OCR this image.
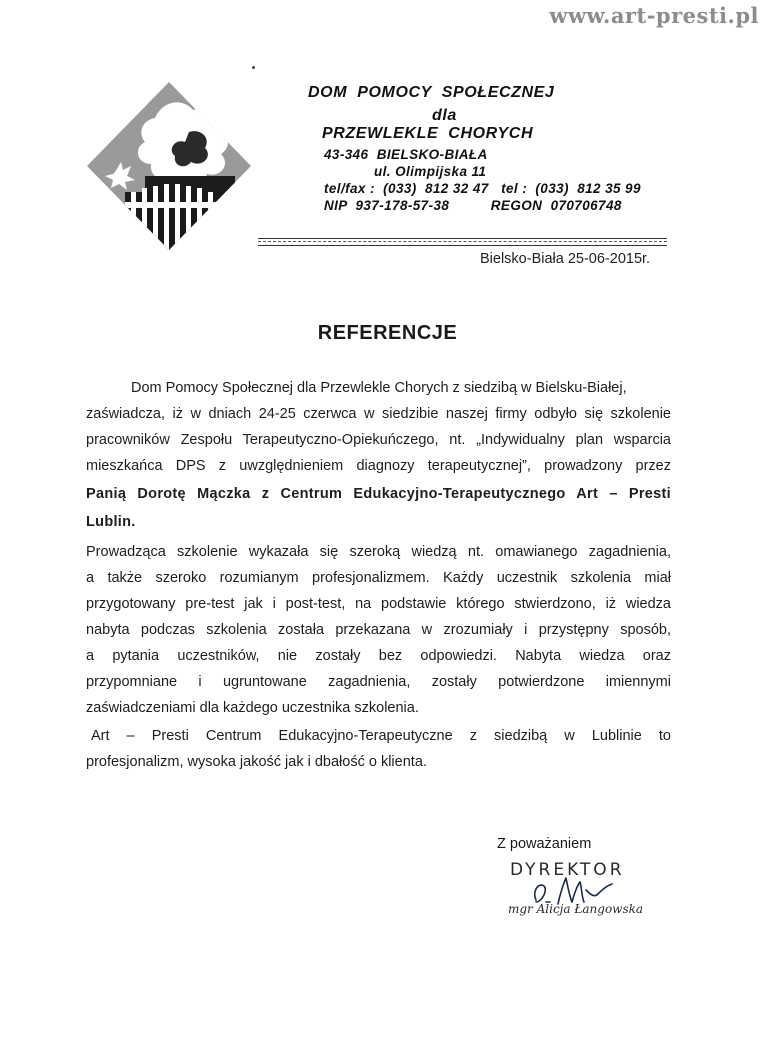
www.art-presti.pl
DOM  POMOCY  SPOŁECZNEJ
dla
PRZEWLEKLE  CHORYCH
43-346  BIELSKO-BIAŁA
ul. Olimpijska 11
tel/fax :  (033)  812 32 47   tel :  (033)  812 35 99
NIP  937-178-57-38          REGON  070706748
Bielsko-Biała 25-06-2015r.
REFERENCJE
Dom Pomocy Społecznej dla Przewlekle Chorych z siedzibą w Bielsku-Białej,
zaświadcza, iż w dniach 24-25 czerwca w siedzibie naszej firmy odbyło się szkolenie
pracowników Zespołu Terapeutyczno-Opiekuńczego, nt. „Indywidualny plan wsparcia
mieszkańca DPS z uwzględnieniem diagnozy terapeutycznej”, prowadzony przez
Panią Dorotę Mączka z Centrum Edukacyjno-Terapeutycznego Art – Presti
Lublin.
Prowadząca szkolenie wykazała się szeroką wiedzą nt. omawianego zagadnienia,
a także szeroko rozumianym profesjonalizmem. Każdy uczestnik szkolenia miał
przygotowany pre-test jak i post-test, na podstawie którego stwierdzono, iż wiedza
nabyta podczas szkolenia została przekazana w zrozumiały i przystępny sposób,
a pytania uczestników, nie zostały bez odpowiedzi. Nabyta wiedza oraz
przypomniane i ugruntowane zagadnienia, zostały potwierdzone imiennymi
zaświadczeniami dla każdego uczestnika szkolenia.
Art – Presti Centrum Edukacyjno-Terapeutyczne z siedzibą w Lublinie to
profesjonalizm, wysoka jakość jak i dbałość o klienta.
Z poważaniem
DYREKTOR
mgr Alicja Łangowska
